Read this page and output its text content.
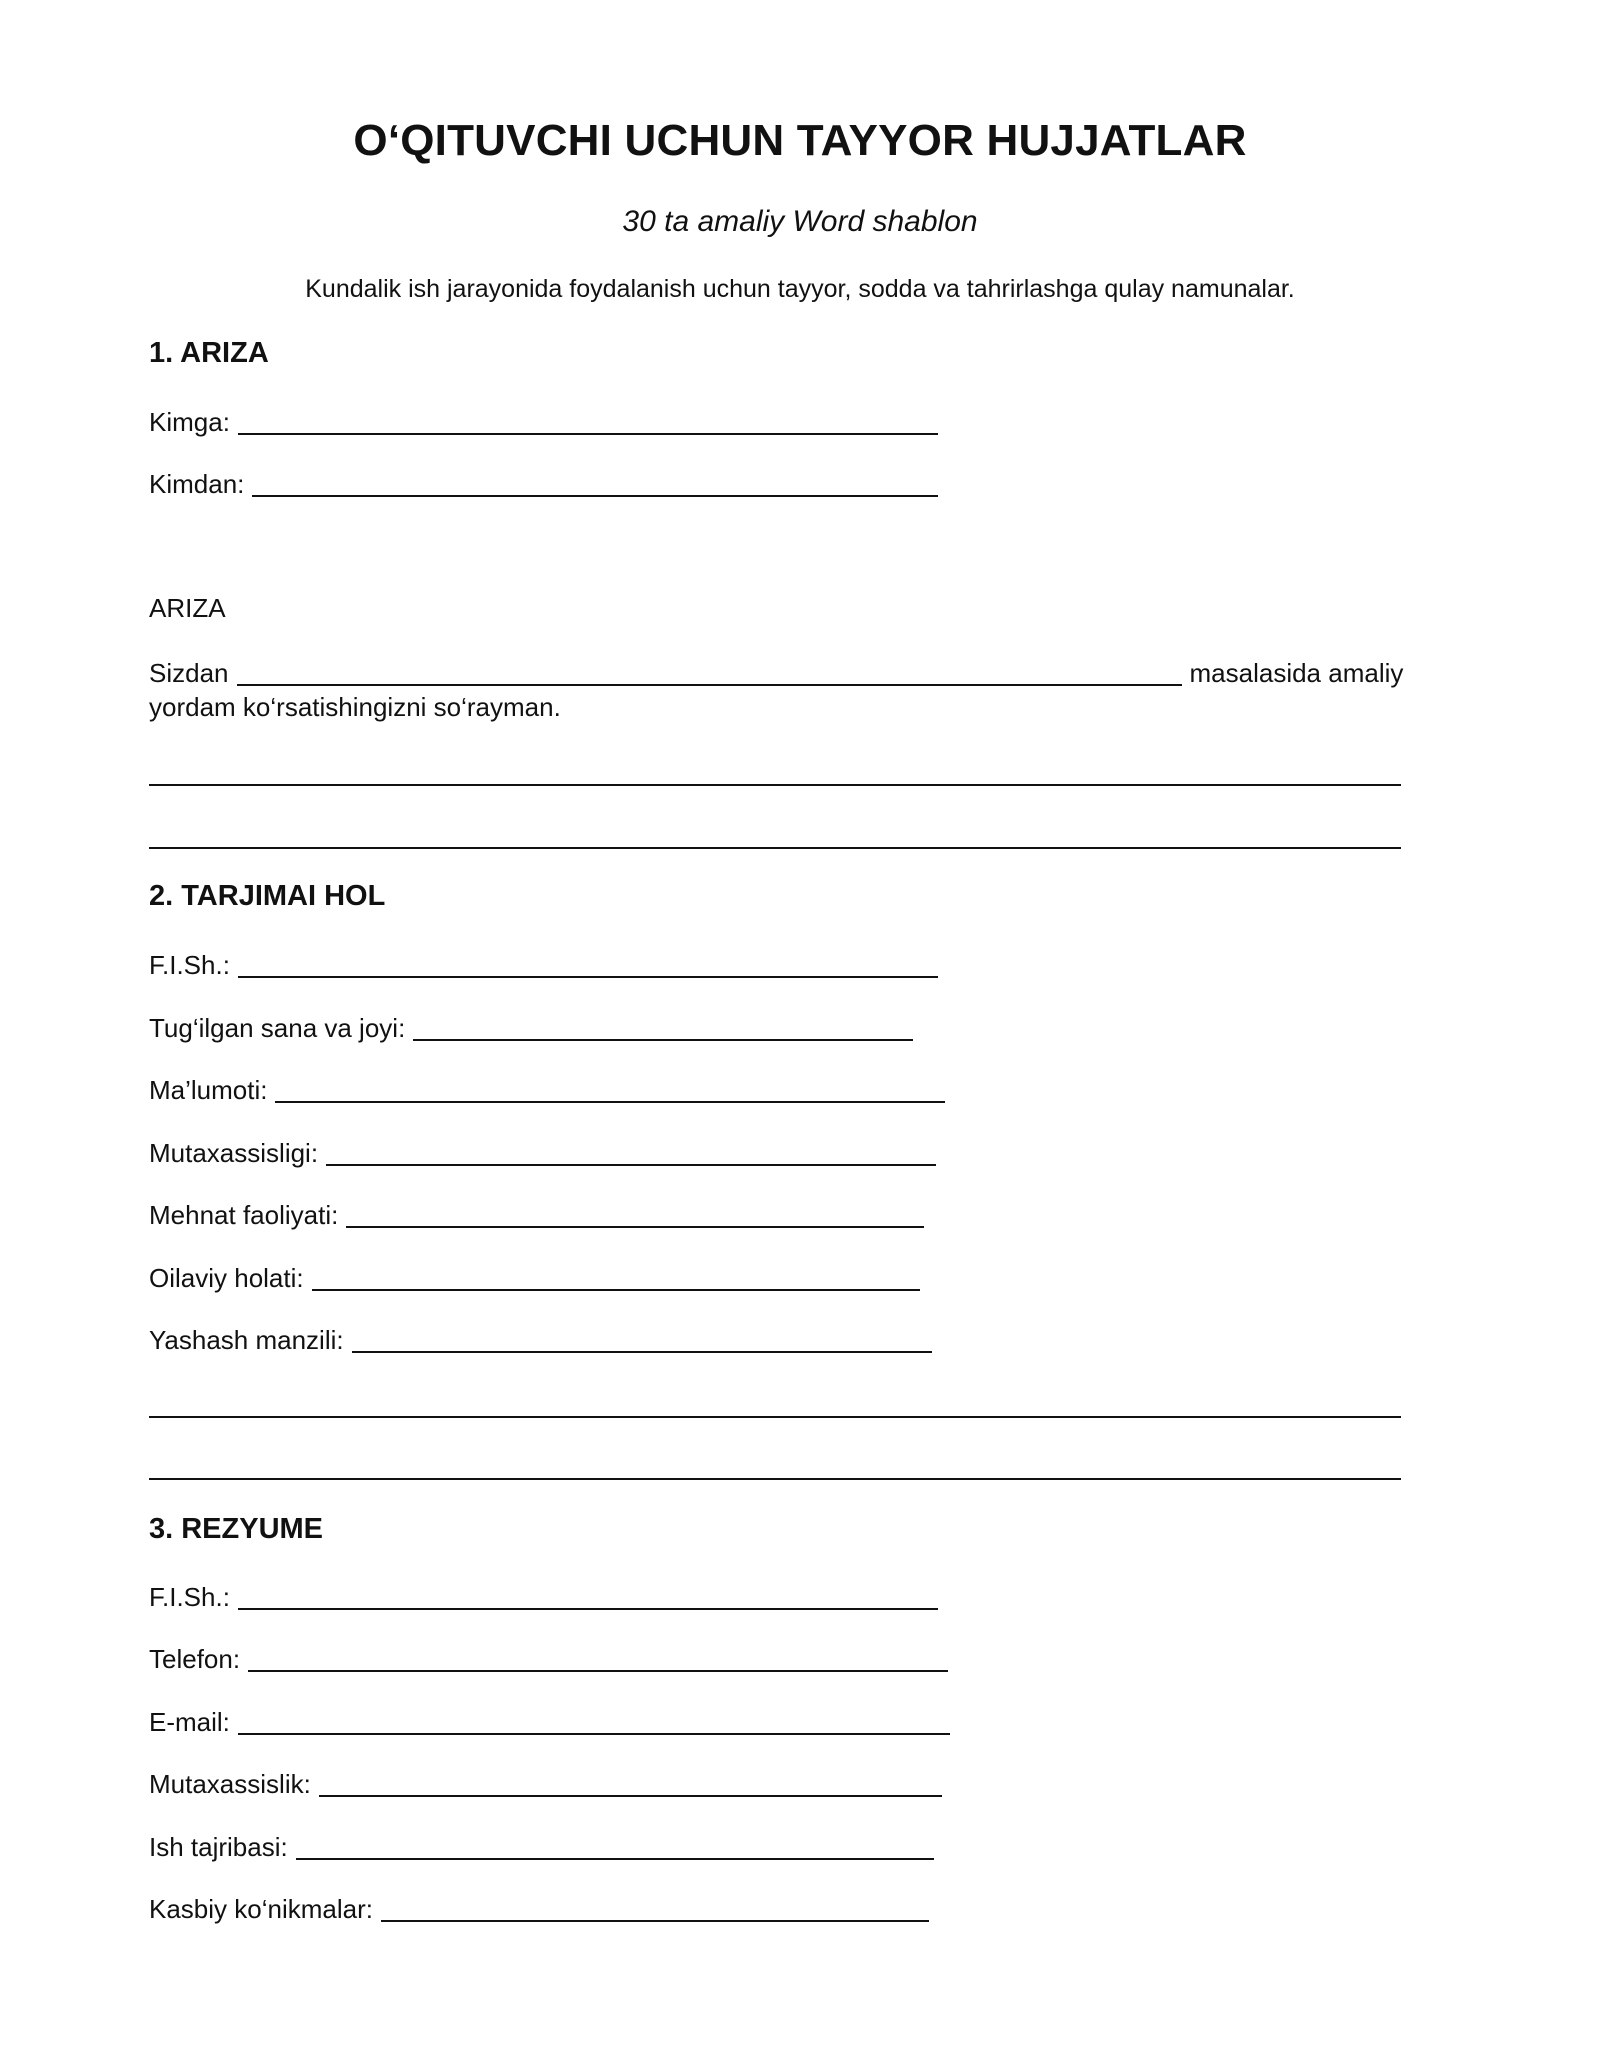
O‘QITUVCHI UCHUN TAYYOR HUJJATLAR
30 ta amaliy Word shablon
Kundalik ish jarayonida foydalanish uchun tayyor, sodda va tahrirlashga qulay namunalar.
1. ARIZA
Kimga:
Kimdan:
ARIZA
Sizdan	masalasida amaliy
yordam ko‘rsatishingizni so‘rayman.
2. TARJIMAI HOL
F.I.Sh.:
Tug‘ilgan sana va joyi:
Ma’lumoti:
Mutaxassisligi:
Mehnat faoliyati:
Oilaviy holati:
Yashash manzili:
3. REZYUME
F.I.Sh.:
Telefon:
E-mail:
Mutaxassislik:
Ish tajribasi:
Kasbiy ko‘nikmalar:
